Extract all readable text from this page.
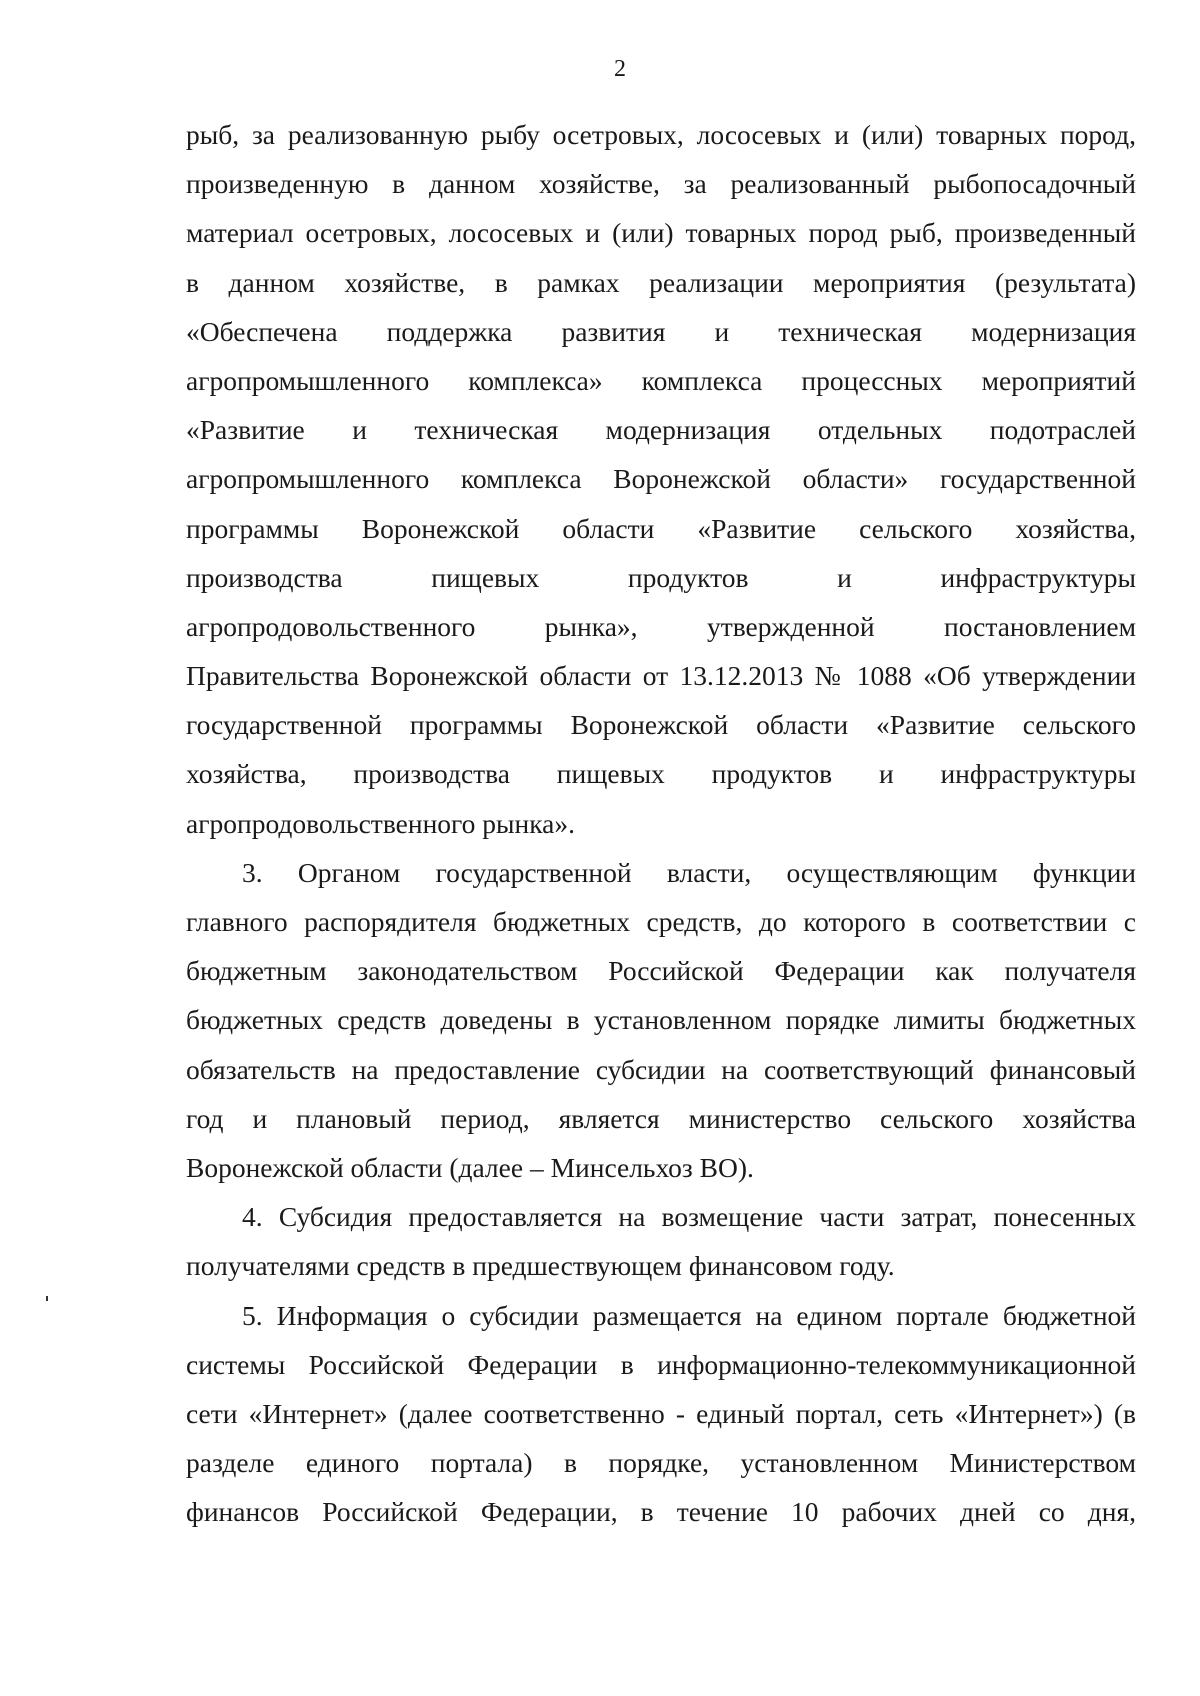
2
рыб, за реализованную рыбу осетровых, лососевых и (или) товарных пород,
произведенную в данном хозяйстве, за реализованный рыбопосадочный
материал осетровых, лососевых и (или) товарных пород рыб, произведенный
в данном хозяйстве, в рамках реализации мероприятия (результата)
«Обеспечена поддержка развития и техническая модернизация
агропромышленного комплекса» комплекса процессных мероприятий
«Развитие и техническая модернизация отдельных подотраслей
агропромышленного комплекса Воронежской области» государственной
программы Воронежской области «Развитие сельского хозяйства,
производства пищевых продуктов и инфраструктуры
агропродовольственного рынка», утвержденной постановлением
Правительства Воронежской области от 13.12.2013 № 1088 «Об утверждении
государственной программы Воронежской области «Развитие сельского
хозяйства, производства пищевых продуктов и инфраструктуры
агропродовольственного рынка».
3. Органом государственной власти, осуществляющим функции
главного распорядителя бюджетных средств, до которого в соответствии с
бюджетным законодательством Российской Федерации как получателя
бюджетных средств доведены в установленном порядке лимиты бюджетных
обязательств на предоставление субсидии на соответствующий финансовый
год и плановый период, является министерство сельского хозяйства
Воронежской области (далее – Минсельхоз ВО).
4. Субсидия предоставляется на возмещение части затрат, понесенных
получателями средств в предшествующем финансовом году.
5. Информация о субсидии размещается на едином портале бюджетной
системы Российской Федерации в информационно-телекоммуникационной
сети «Интернет» (далее соответственно - единый портал, сеть «Интернет») (в
разделе единого портала) в порядке, установленном Министерством
финансов Российской Федерации, в течение 10 рабочих дней со дня,
